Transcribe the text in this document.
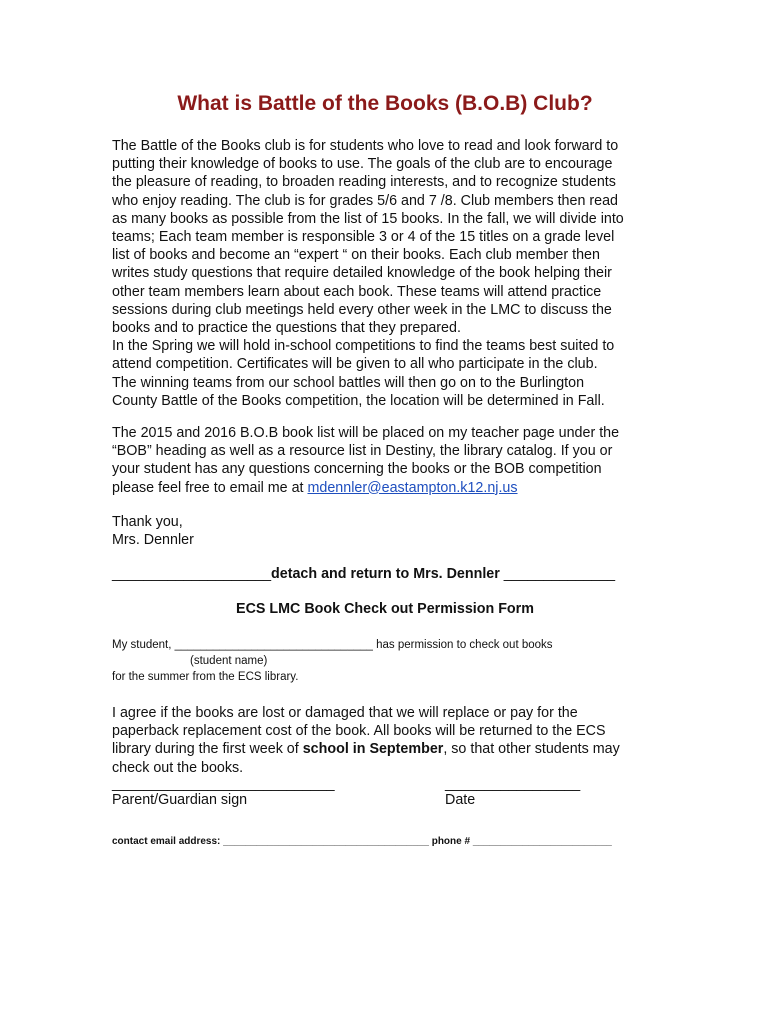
What is Battle of the Books (B.O.B) Club?
The Battle of the Books club is for students who love to read and look forward to
putting their knowledge of books to use. The goals of the club are to encourage
the pleasure of reading, to broaden reading interests, and to recognize students
who enjoy reading. The club is for grades 5/6 and 7 /8. Club members then read
as many books as possible from the list of 15 books. In the fall, we will divide into
teams; Each team member is responsible 3 or 4 of the 15 titles on a grade level
list of books and become an “expert “ on their books. Each club member then
writes study questions that require detailed knowledge of the book helping their
other team members learn about each book. These teams will attend practice
sessions during club meetings held every other week in the LMC to discuss the
books and to practice the questions that they prepared.
In the Spring we will hold in-school competitions to find the teams best suited to
attend competition. Certificates will be given to all who participate in the club.
The winning teams from our school battles will then go on to the Burlington
County Battle of the Books competition, the location will be determined in Fall.
The 2015 and 2016 B.O.B book list will be placed on my teacher page under the
“BOB” heading as well as a resource list in Destiny, the library catalog. If you or
your student has any questions concerning the books or the BOB competition
please feel free to email me at mdennler@eastampton.k12.nj.us
Thank you,
Mrs. Dennler
____________________detach and return to Mrs. Dennler ______________
ECS LMC Book Check out Permission Form
My student, _______________________________ has permission to check out books
(student name)
for the summer from the ECS library.
I agree if the books are lost or damaged that we will replace or pay for the
paperback replacement cost of the book. All books will be returned to the ECS
library during the first week of school in September, so that other students may
check out the books.
____________________________	_________________
Parent/Guardian sign	Date
contact email address: _____________________________________ phone # _________________________
